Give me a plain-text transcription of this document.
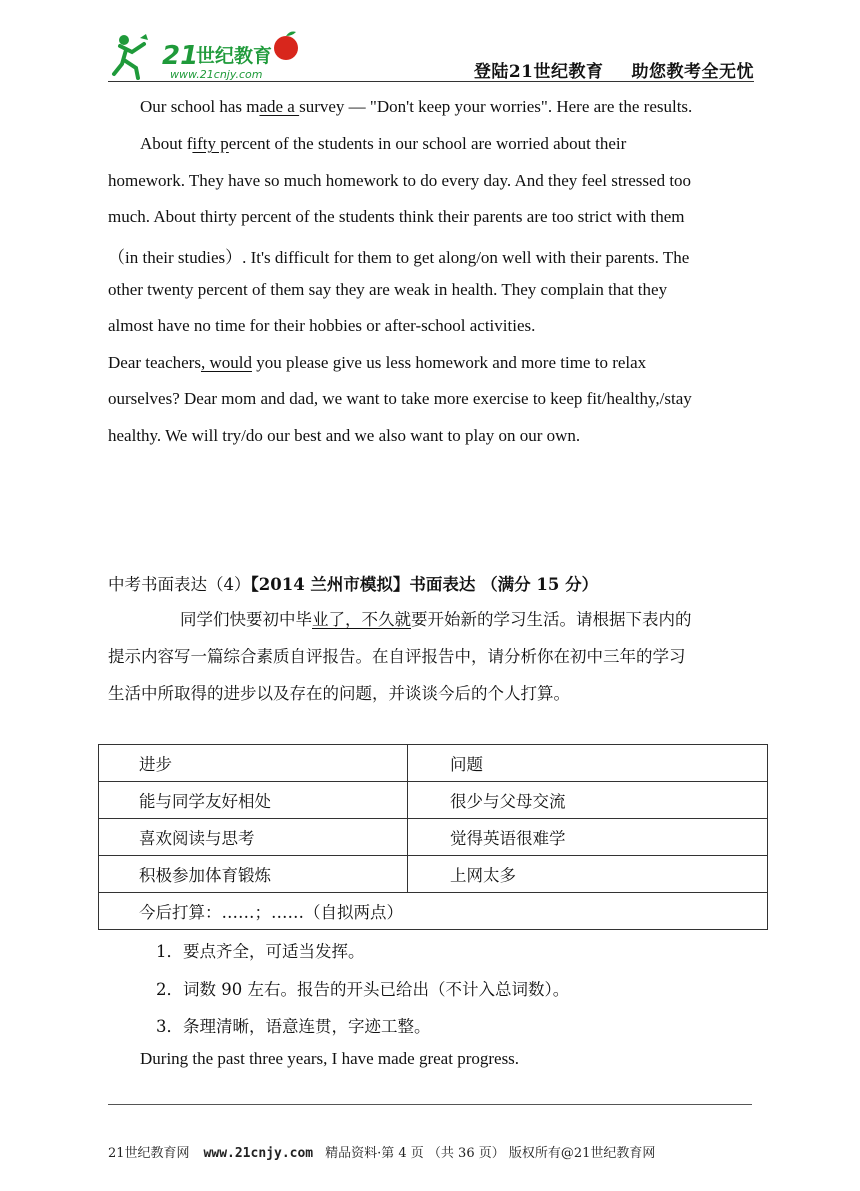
21
世纪教育
www.21cnjy.com	登陆21世纪教育 助您教考全无忧
Our school has made a survey — "Don't keep your worries". Here are the results.
About fifty percent of the students in our school are worried about their
homework. They have so much homework to do every day. And they feel stressed too
much. About thirty percent of the students think their parents are too strict with them
（in their studies）. It's difficult for them to get along/on well with their parents. The
other twenty percent of them say they are weak in health. They complain that they
almost have no time for their hobbies or after-school activities.
Dear teachers, would you please give us less homework and more time to relax
ourselves? Dear mom and dad, we want to take more exercise to keep fit/healthy,/stay
healthy. We will try/do our best and we also want to play on our own.
中考书面表达（4）【2014 兰州市模拟】书面表达 （满分 15 分）
同学们快要初中毕业了，不久就要开始新的学习生活。请根据下表内的
提示内容写一篇综合素质自评报告。在自评报告中，请分析你在初中三年的学习
生活中所取得的进步以及存在的问题，并谈谈今后的个人打算。
进步	问题
能与同学友好相处	很少与父母交流
喜欢阅读与思考	觉得英语很难学
积极参加体育锻炼	上网太多
今后打算：……；……（自拟两点）	
1．要点齐全，可适当发挥。
2．词数 90 左右。报告的开头已给出（不计入总词数）。
3．条理清晰，语意连贯，字迹工整。
During the past three years, I have made great progress.
21世纪教育网 www.21cnjy.com 精品资料·第 4 页 （共 36 页） 版权所有@21世纪教育网
